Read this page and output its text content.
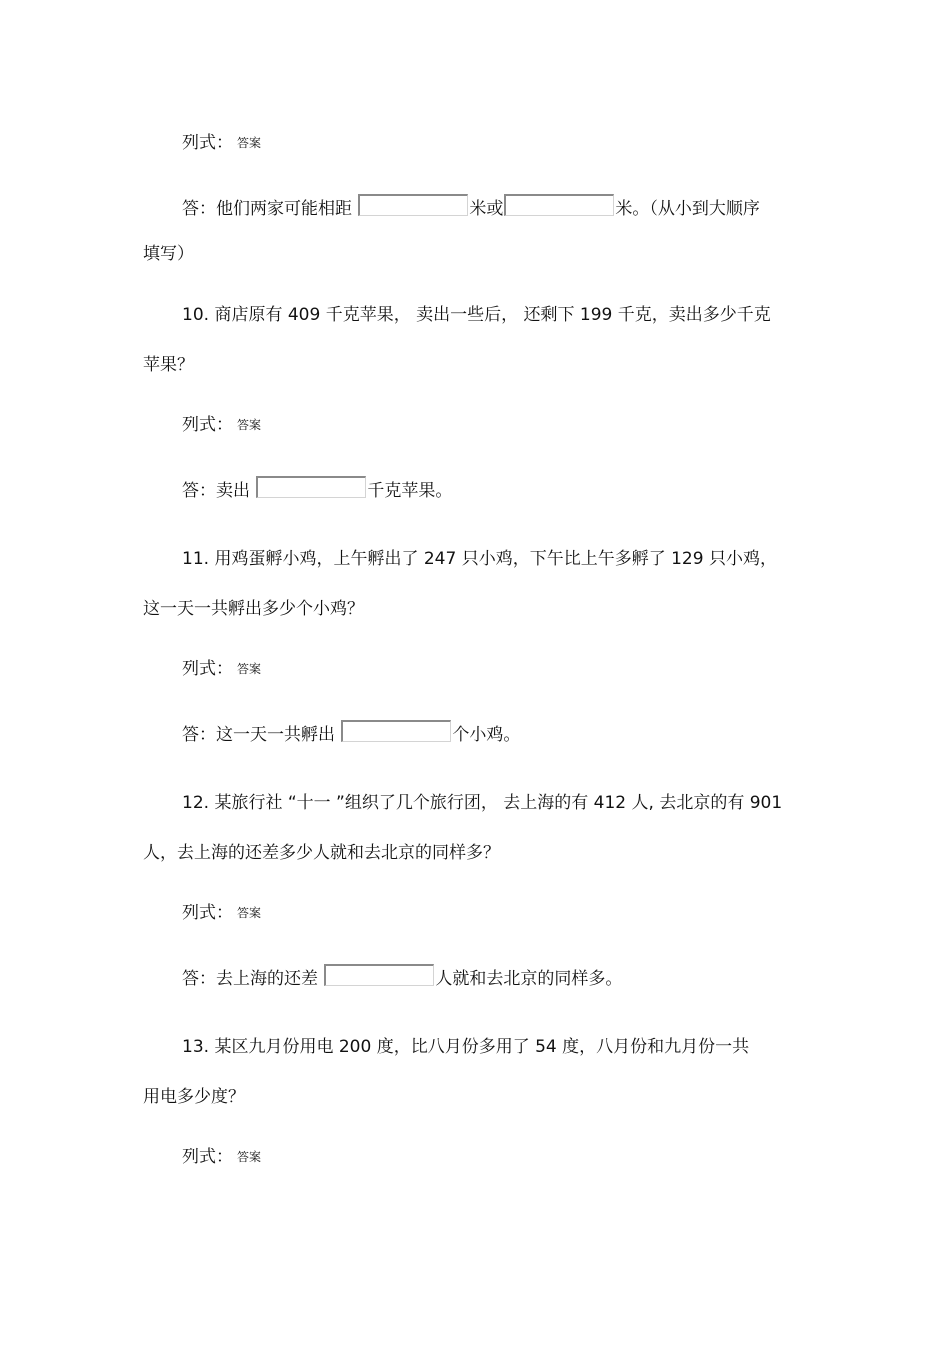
列式： 答案
答：他们两家可能相距	米或	米。（从小到大顺序
填写）
10. 商店原有 409 千克苹果， 卖出一些后， 还剩下 199 千克，卖出多少千克
苹果？
列式： 答案
答：卖出	千克苹果。
11. 用鸡蛋孵小鸡，上午孵出了 247 只小鸡，下午比上午多孵了 129 只小鸡，
这一天一共孵出多少个小鸡？
列式： 答案
答：这一天一共孵出	个小鸡。
12. 某旅行社 “十一 ”组织了几个旅行团， 去上海的有 412 人, 去北京的有 901
人，去上海的还差多少人就和去北京的同样多？
列式： 答案
答：去上海的还差	人就和去北京的同样多。
13. 某区九月份用电 200 度，比八月份多用了 54 度，八月份和九月份一共
用电多少度？
列式： 答案
